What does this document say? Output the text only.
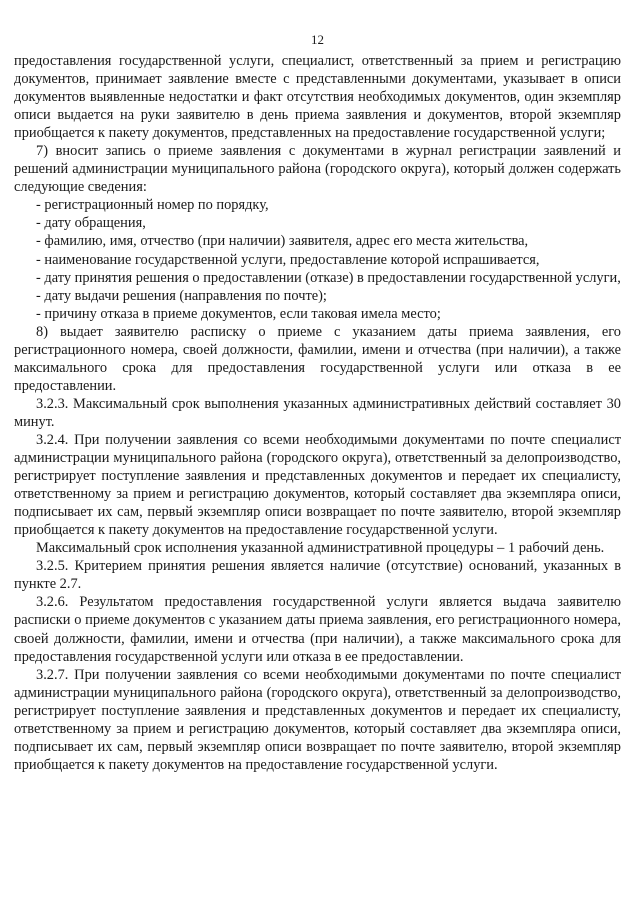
12

предоставления государственной услуги, специалист, ответственный за прием и регистрацию документов, принимает заявление вместе с представленными документами, указывает в описи документов выявленные недостатки и факт отсутствия необходимых документов, один экземпляр описи выдается на руки заявителю в день приема заявления и документов, второй экземпляр приобщается к пакету документов, представленных на предоставление государственной услуги;

7) вносит запись о приеме заявления с документами в журнал регистрации заявлений и решений администрации муниципального района (городского округа), который должен содержать следующие сведения:

- регистрационный номер по порядку,

- дату обращения,

- фамилию, имя, отчество (при наличии) заявителя, адрес его места жительства,

- наименование государственной услуги, предоставление которой испрашивается,

- дату принятия решения о предоставлении (отказе) в предоставлении государственной услуги,

- дату выдачи решения (направления по почте);

- причину отказа в приеме документов, если таковая имела место;

8) выдает заявителю расписку о приеме с указанием даты приема заявления, его регистрационного номера, своей должности, фамилии, имени и отчества (при наличии), а также максимального срока для предоставления государственной услуги или отказа в ее предоставлении.

3.2.3. Максимальный срок выполнения указанных административных действий составляет 30 минут.

3.2.4. При получении заявления со всеми необходимыми документами по почте специалист администрации муниципального района (городского округа), ответственный за делопроизводство, регистрирует поступление заявления и представленных документов и передает их специалисту, ответственному за прием и регистрацию документов, который составляет два экземпляра описи, подписывает их сам, первый экземпляр описи возвращает по почте заявителю, второй экземпляр приобщается к пакету документов на предоставление государственной услуги.

Максимальный срок исполнения указанной административной процедуры – 1 рабочий день.

3.2.5. Критерием принятия решения является наличие (отсутствие) оснований, указанных в пункте 2.7.

3.2.6. Результатом предоставления государственной услуги является выдача заявителю расписки о приеме документов с указанием даты приема заявления, его регистрационного номера, своей должности, фамилии, имени и отчества (при наличии), а также максимального срока для предоставления государственной услуги или отказа в ее предоставлении.

3.2.7. При получении заявления со всеми необходимыми документами по почте специалист администрации муниципального района (городского округа), ответственный за делопроизводство, регистрирует поступление заявления и представленных документов и передает их специалисту, ответственному за прием и регистрацию документов, который составляет два экземпляра описи, подписывает их сам, первый экземпляр описи возвращает по почте заявителю, второй экземпляр приобщается к пакету документов на предоставление государственной услуги.
